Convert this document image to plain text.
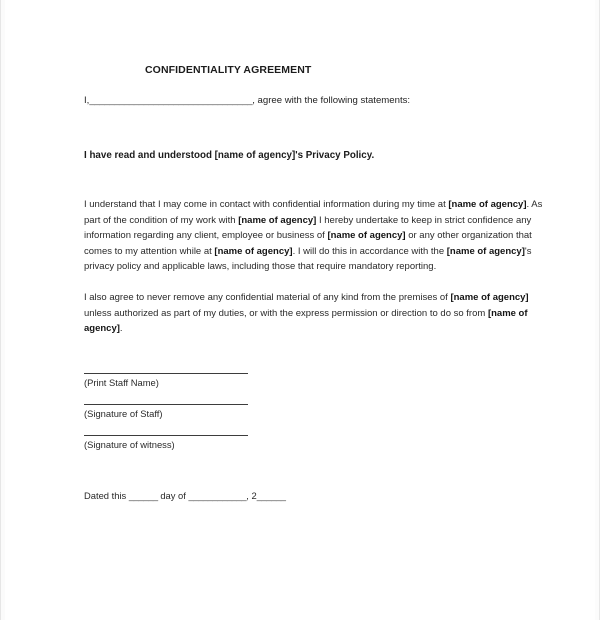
CONFIDENTIALITY AGREEMENT

I,_________________________________, agree with the following statements:

I have read and understood [name of agency]'s Privacy Policy.

I understand that I may come in contact with confidential information during my time at [name of agency]. As part of the condition of my work with [name of agency] I hereby undertake to keep in strict confidence any information regarding any client, employee or business of [name of agency] or any other organization that comes to my attention while at [name of agency]. I will do this in accordance with the [name of agency]'s privacy policy and applicable laws, including those that require mandatory reporting.

I also agree to never remove any confidential material of any kind from the premises of [name of agency] unless authorized as part of my duties, or with the express permission or direction to do so from [name of agency].

(Print Staff Name)
(Signature of Staff)
(Signature of witness)

Dated this ______ day of ____________, 2______
